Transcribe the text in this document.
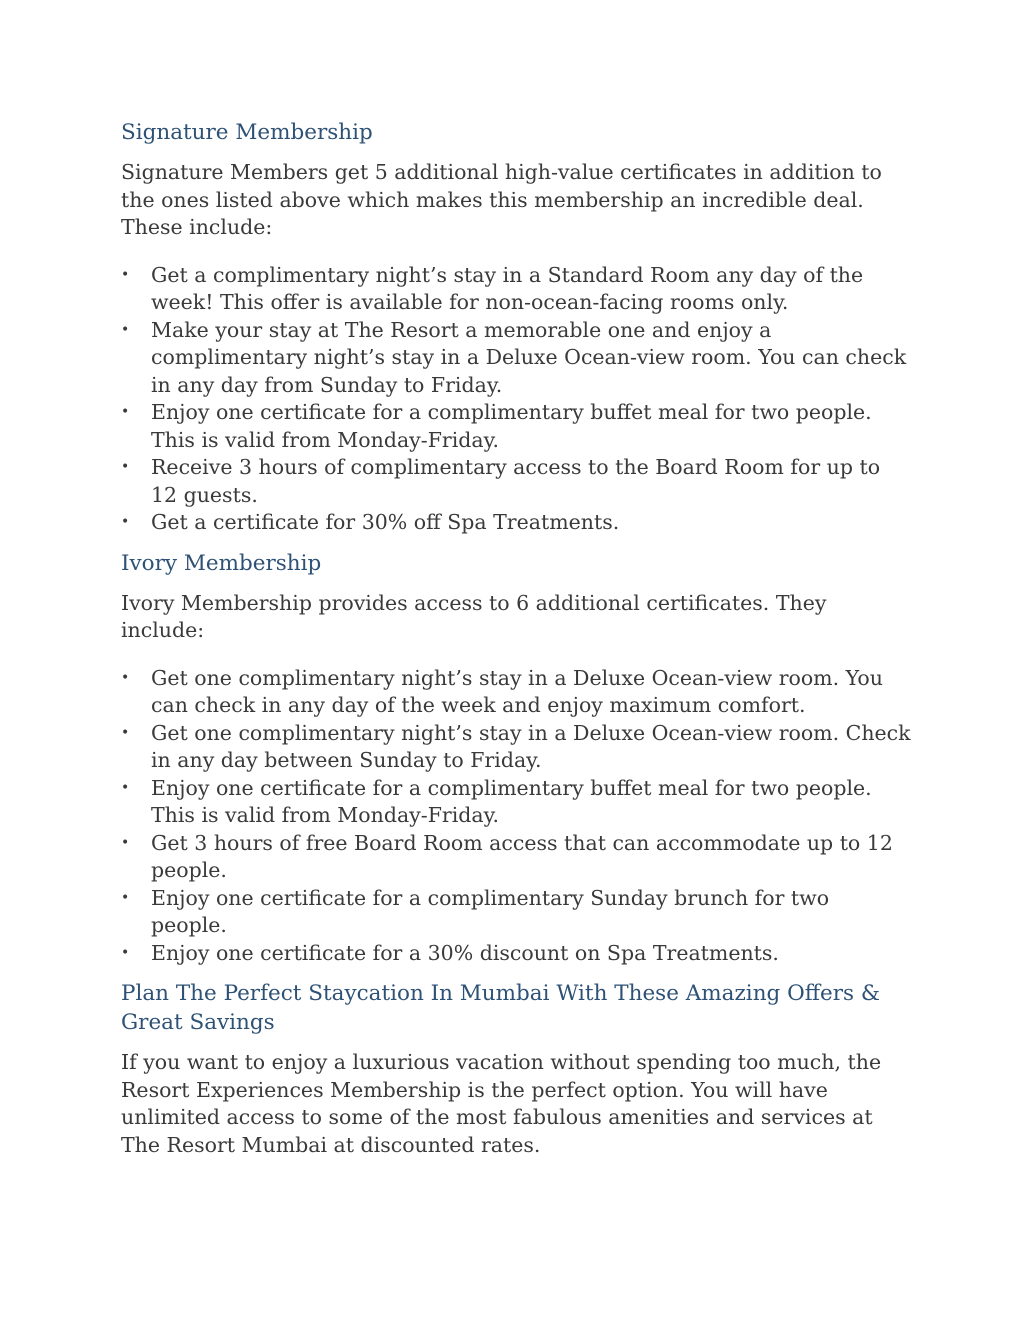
Signature Membership

Signature Members get 5 additional high-value certificates in addition to the ones listed above which makes this membership an incredible deal. These include:

• Get a complimentary night’s stay in a Standard Room any day of the week! This offer is available for non-ocean-facing rooms only.
• Make your stay at The Resort a memorable one and enjoy a complimentary night’s stay in a Deluxe Ocean-view room. You can check in any day from Sunday to Friday.
• Enjoy one certificate for a complimentary buffet meal for two people. This is valid from Monday-Friday.
• Receive 3 hours of complimentary access to the Board Room for up to 12 guests.
• Get a certificate for 30% off Spa Treatments.
Ivory Membership

Ivory Membership provides access to 6 additional certificates. They include:

• Get one complimentary night’s stay in a Deluxe Ocean-view room. You can check in any day of the week and enjoy maximum comfort.
• Get one complimentary night’s stay in a Deluxe Ocean-view room. Check in any day between Sunday to Friday.
• Enjoy one certificate for a complimentary buffet meal for two people. This is valid from Monday-Friday.
• Get 3 hours of free Board Room access that can accommodate up to 12 people.
• Enjoy one certificate for a complimentary Sunday brunch for two people.
• Enjoy one certificate for a 30% discount on Spa Treatments.
Plan The Perfect Staycation In Mumbai With These Amazing Offers & Great Savings

If you want to enjoy a luxurious vacation without spending too much, the Resort Experiences Membership is the perfect option. You will have unlimited access to some of the most fabulous amenities and services at The Resort Mumbai at discounted rates.
